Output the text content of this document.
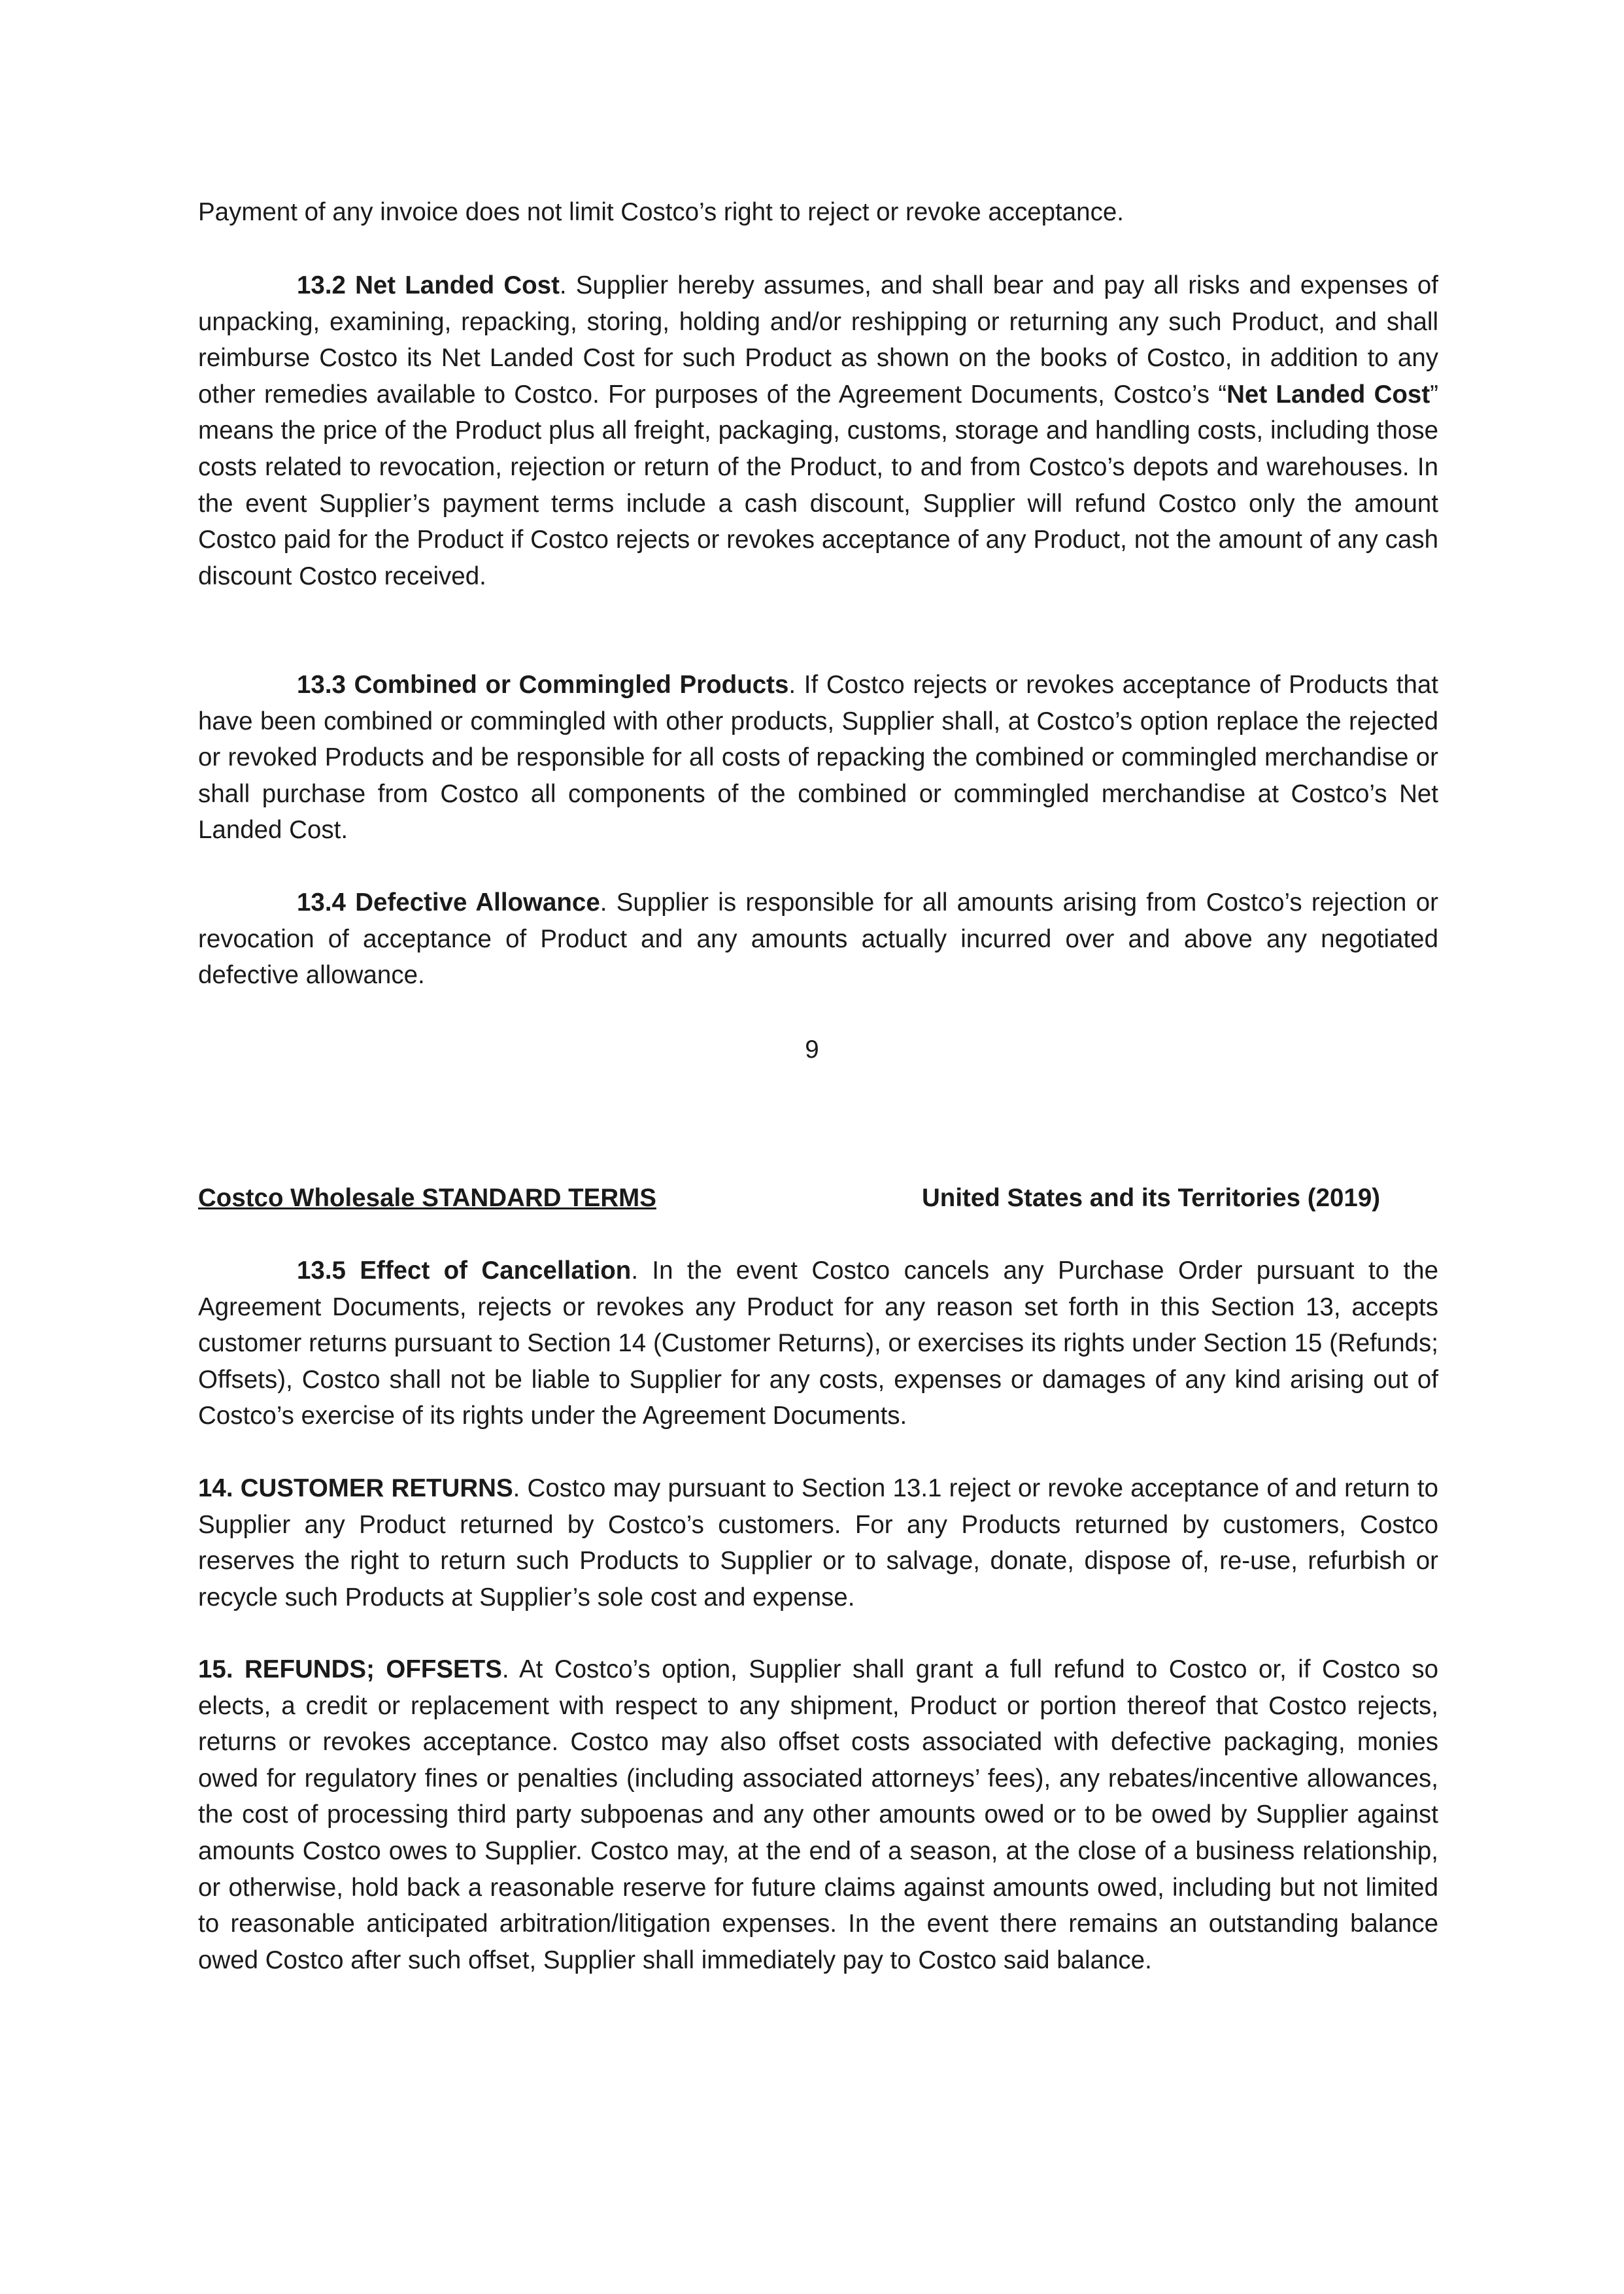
Payment of any invoice does not limit Costco’s right to reject or revoke acceptance.

13.2 Net Landed Cost. Supplier hereby assumes, and shall bear and pay all risks and expenses of unpacking, examining, repacking, storing, holding and/or reshipping or returning any such Product, and shall reimburse Costco its Net Landed Cost for such Product as shown on the books of Costco, in addition to any other remedies available to Costco. For purposes of the Agreement Documents, Costco’s “Net Landed Cost” means the price of the Product plus all freight, packaging, customs, storage and handling costs, including those costs related to revocation, rejection or return of the Product, to and from Costco’s depots and warehouses. In the event Supplier’s payment terms include a cash discount, Supplier will refund Costco only the amount Costco paid for the Product if Costco rejects or revokes acceptance of any Product, not the amount of any cash discount Costco received.

13.3 Combined or Commingled Products. If Costco rejects or revokes acceptance of Products that have been combined or commingled with other products, Supplier shall, at Costco’s option replace the rejected or revoked Products and be responsible for all costs of repacking the combined or commingled merchandise or shall purchase from Costco all components of the combined or commingled merchandise at Costco’s Net Landed Cost.

13.4 Defective Allowance. Supplier is responsible for all amounts arising from Costco’s rejection or revocation of acceptance of Product and any amounts actually incurred over and above any negotiated defective allowance.

9
Costco Wholesale STANDARD TERMS	United States and its Territories (2019)

13.5 Effect of Cancellation. In the event Costco cancels any Purchase Order pursuant to the Agreement Documents, rejects or revokes any Product for any reason set forth in this Section 13, accepts customer returns pursuant to Section 14 (Customer Returns), or exercises its rights under Section 15 (Refunds; Offsets), Costco shall not be liable to Supplier for any costs, expenses or damages of any kind arising out of Costco’s exercise of its rights under the Agreement Documents.

14. CUSTOMER RETURNS. Costco may pursuant to Section 13.1 reject or revoke acceptance of and return to Supplier any Product returned by Costco’s customers. For any Products returned by customers, Costco reserves the right to return such Products to Supplier or to salvage, donate, dispose of, re-use, refurbish or recycle such Products at Supplier’s sole cost and expense.

15. REFUNDS; OFFSETS. At Costco’s option, Supplier shall grant a full refund to Costco or, if Costco so elects, a credit or replacement with respect to any shipment, Product or portion thereof that Costco rejects, returns or revokes acceptance. Costco may also offset costs associated with defective packaging, monies owed for regulatory fines or penalties (including associated attorneys’ fees), any rebates/incentive allowances, the cost of processing third party subpoenas and any other amounts owed or to be owed by Supplier against amounts Costco owes to Supplier. Costco may, at the end of a season, at the close of a business relationship, or otherwise, hold back a reasonable reserve for future claims against amounts owed, including but not limited to reasonable anticipated arbitration/litigation expenses. In the event there remains an outstanding balance owed Costco after such offset, Supplier shall immediately pay to Costco said balance.
